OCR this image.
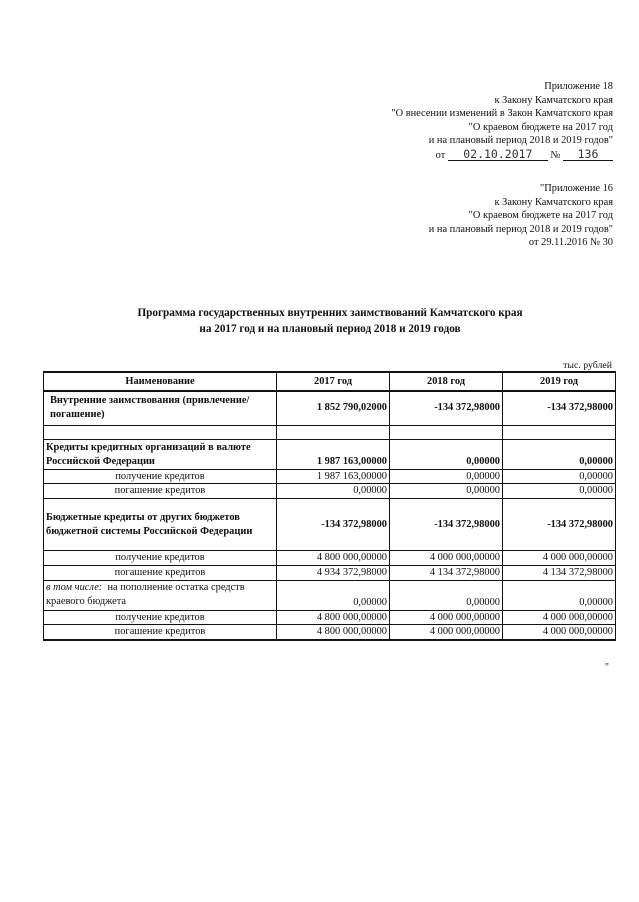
Приложение 18
к Закону Камчатского края
"О внесении изменений в Закон Камчатского края
"О краевом бюджете на 2017 год
и на плановый период 2018 и 2019 годов"
от 02.10.2017 № 136
"Приложение 16
к Закону Камчатского края
"О краевом бюджете на 2017 год
и на плановый период 2018 и 2019 годов"
от 29.11.2016 № 30
Программа государственных внутренних заимствований Камчатского края
на 2017 год и на плановый период 2018 и 2019 годов
тыс. рублей
Наименование	2017 год	2018 год	2019 год
Внутренние заимствования (привлечение/погашение)	1 852 790,02000	-134 372,98000	-134 372,98000

Кредиты кредитных организаций в валюте Российской Федерации	1 987 163,00000	0,00000	0,00000
получение кредитов	1 987 163,00000	0,00000	0,00000
погашение кредитов	0,00000	0,00000	0,00000
Бюджетные кредиты от других бюджетов бюджетной системы Российской Федерации	-134 372,98000	-134 372,98000	-134 372,98000
получение кредитов	4 800 000,00000	4 000 000,00000	4 000 000,00000
погашение кредитов	4 934 372,98000	4 134 372,98000	4 134 372,98000
в том числе: на пополнение остатка средств краевого бюджета	0,00000	0,00000	0,00000
получение кредитов	4 800 000,00000	4 000 000,00000	4 000 000,00000
погашение кредитов	4 800 000,00000	4 000 000,00000	4 000 000,00000
"
